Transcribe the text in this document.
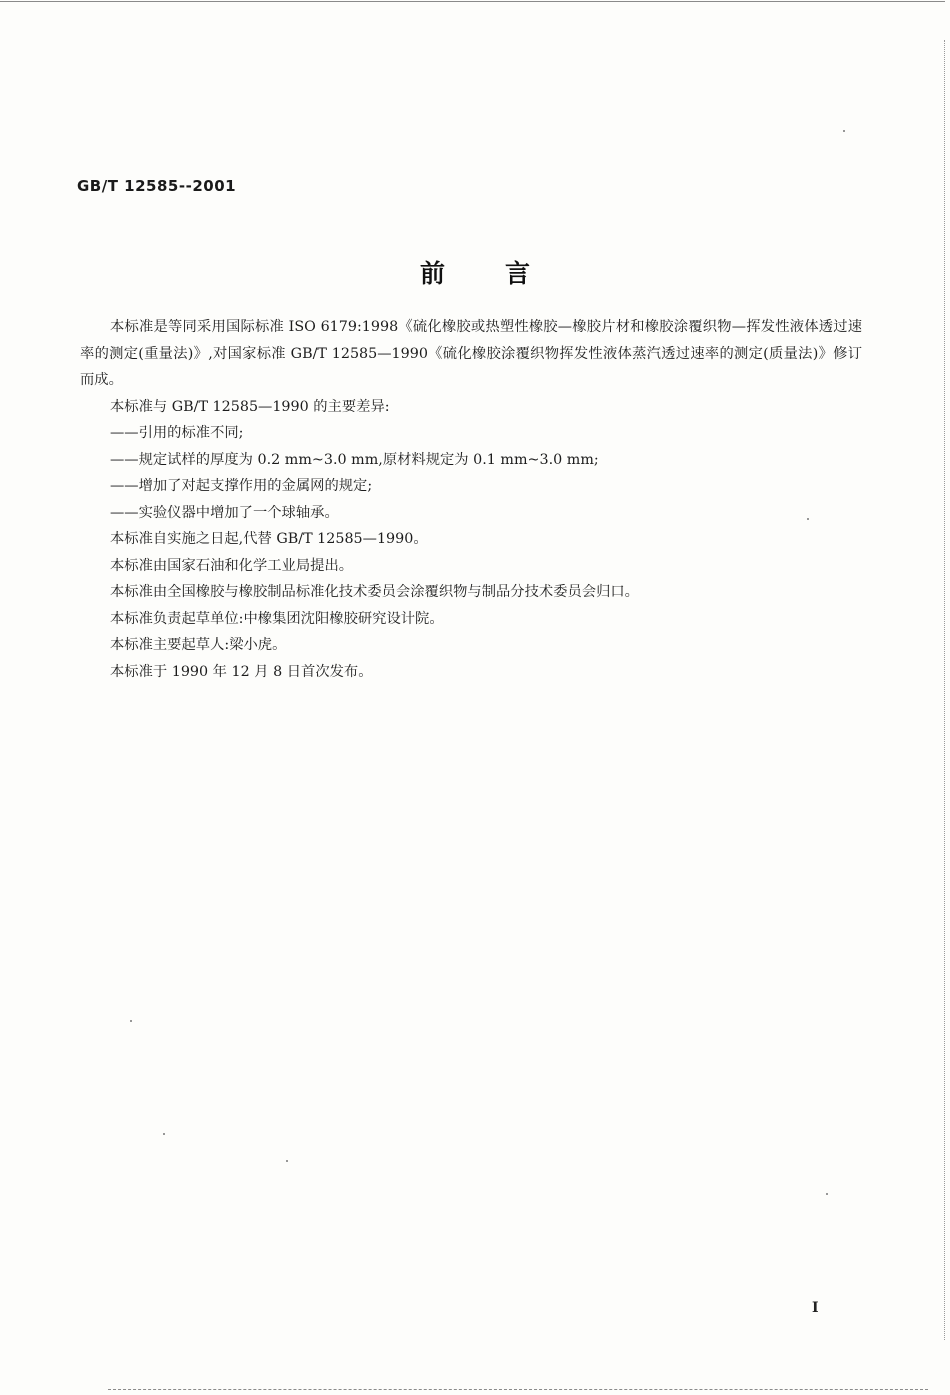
GB/T 12585--2001
前言

本标准是等同采用国际标准 ISO 6179:1998《硫化橡胶或热塑性橡胶—橡胶片材和橡胶涂覆织物—挥发性液体透过速率的测定(重量法)》,对国家标准 GB/T 12585—1990《硫化橡胶涂覆织物挥发性液体蒸汽透过速率的测定(质量法)》修订而成。

本标准与 GB/T 12585—1990 的主要差异:

——引用的标准不同;

——规定试样的厚度为 0.2 mm~3.0 mm,原材料规定为 0.1 mm~3.0 mm;

——增加了对起支撑作用的金属网的规定;

——实验仪器中增加了一个球轴承。

本标准自实施之日起,代替 GB/T 12585—1990。

本标准由国家石油和化学工业局提出。

本标准由全国橡胶与橡胶制品标准化技术委员会涂覆织物与制品分技术委员会归口。

本标准负责起草单位:中橡集团沈阳橡胶研究设计院。

本标准主要起草人:梁小虎。

本标准于 1990 年 12 月 8 日首次发布。

I
